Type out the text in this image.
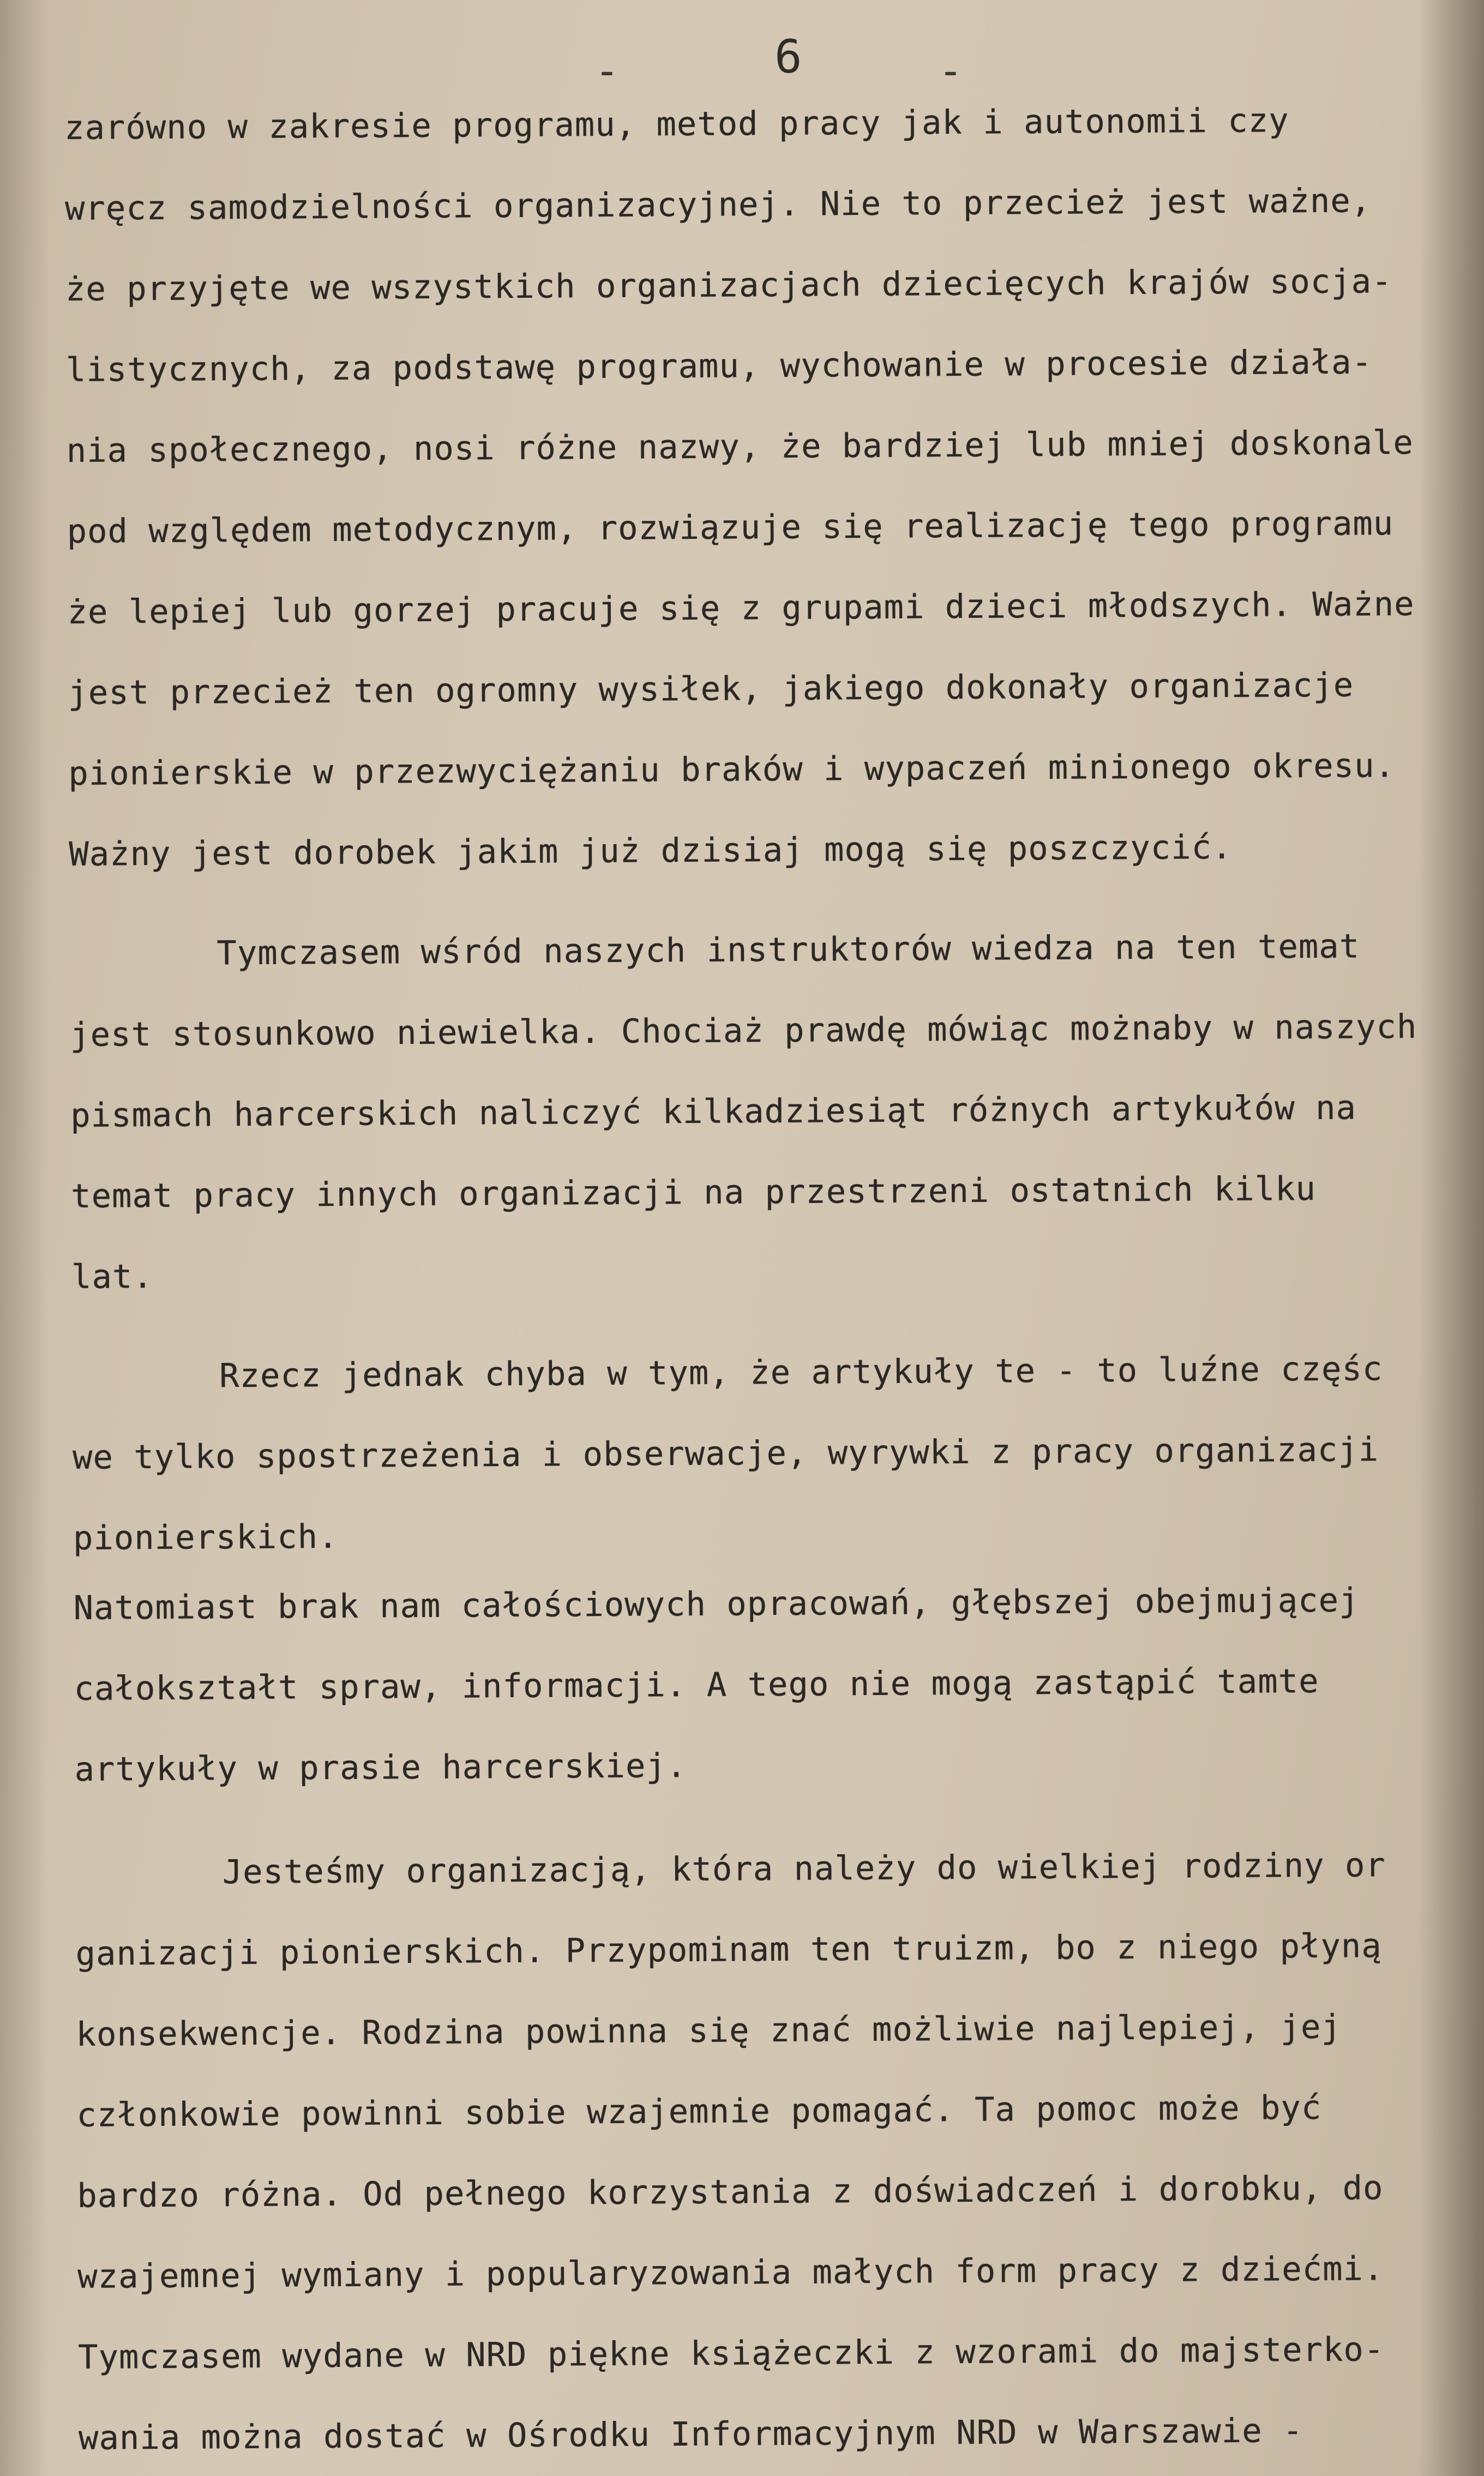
-	6	-
zarówno w zakresie programu, metod pracy jak i autonomii czy
wręcz samodzielności organizacyjnej. Nie to przecież jest ważne,
że przyjęte we wszystkich organizacjach dziecięcych krajów socja-
listycznych, za podstawę programu, wychowanie w procesie działa-
nia społecznego, nosi różne nazwy, że bardziej lub mniej doskonale
pod względem metodycznym, rozwiązuje się realizację tego programu
że lepiej lub gorzej pracuje się z grupami dzieci młodszych. Ważne
jest przecież ten ogromny wysiłek, jakiego dokonały organizacje
pionierskie w przezwyciężaniu braków i wypaczeń minionego okresu.
Ważny jest dorobek jakim już dzisiaj mogą się poszczycić.
Tymczasem wśród naszych instruktorów wiedza na ten temat
jest stosunkowo niewielka. Chociaż prawdę mówiąc możnaby w naszych
pismach harcerskich naliczyć kilkadziesiąt różnych artykułów na
temat pracy innych organizacji na przestrzeni ostatnich kilku
lat.
Rzecz jednak chyba w tym, że artykuły te - to luźne częśc
we tylko spostrzeżenia i obserwacje, wyrywki z pracy organizacji
pionierskich.
Natomiast brak nam całościowych opracowań, głębszej obejmującej
całokształt spraw, informacji. A tego nie mogą zastąpić tamte
artykuły w prasie harcerskiej.
Jesteśmy organizacją, która należy do wielkiej rodziny or
ganizacji pionierskich. Przypominam ten truizm, bo z niego płyną
konsekwencje. Rodzina powinna się znać możliwie najlepiej, jej
członkowie powinni sobie wzajemnie pomagać. Ta pomoc może być
bardzo różna. Od pełnego korzystania z doświadczeń i dorobku, do
wzajemnej wymiany i popularyzowania małych form pracy z dziećmi.
Tymczasem wydane w NRD piękne książeczki z wzorami do majsterko-
wania można dostać w Ośrodku Informacyjnym NRD w Warszawie -
